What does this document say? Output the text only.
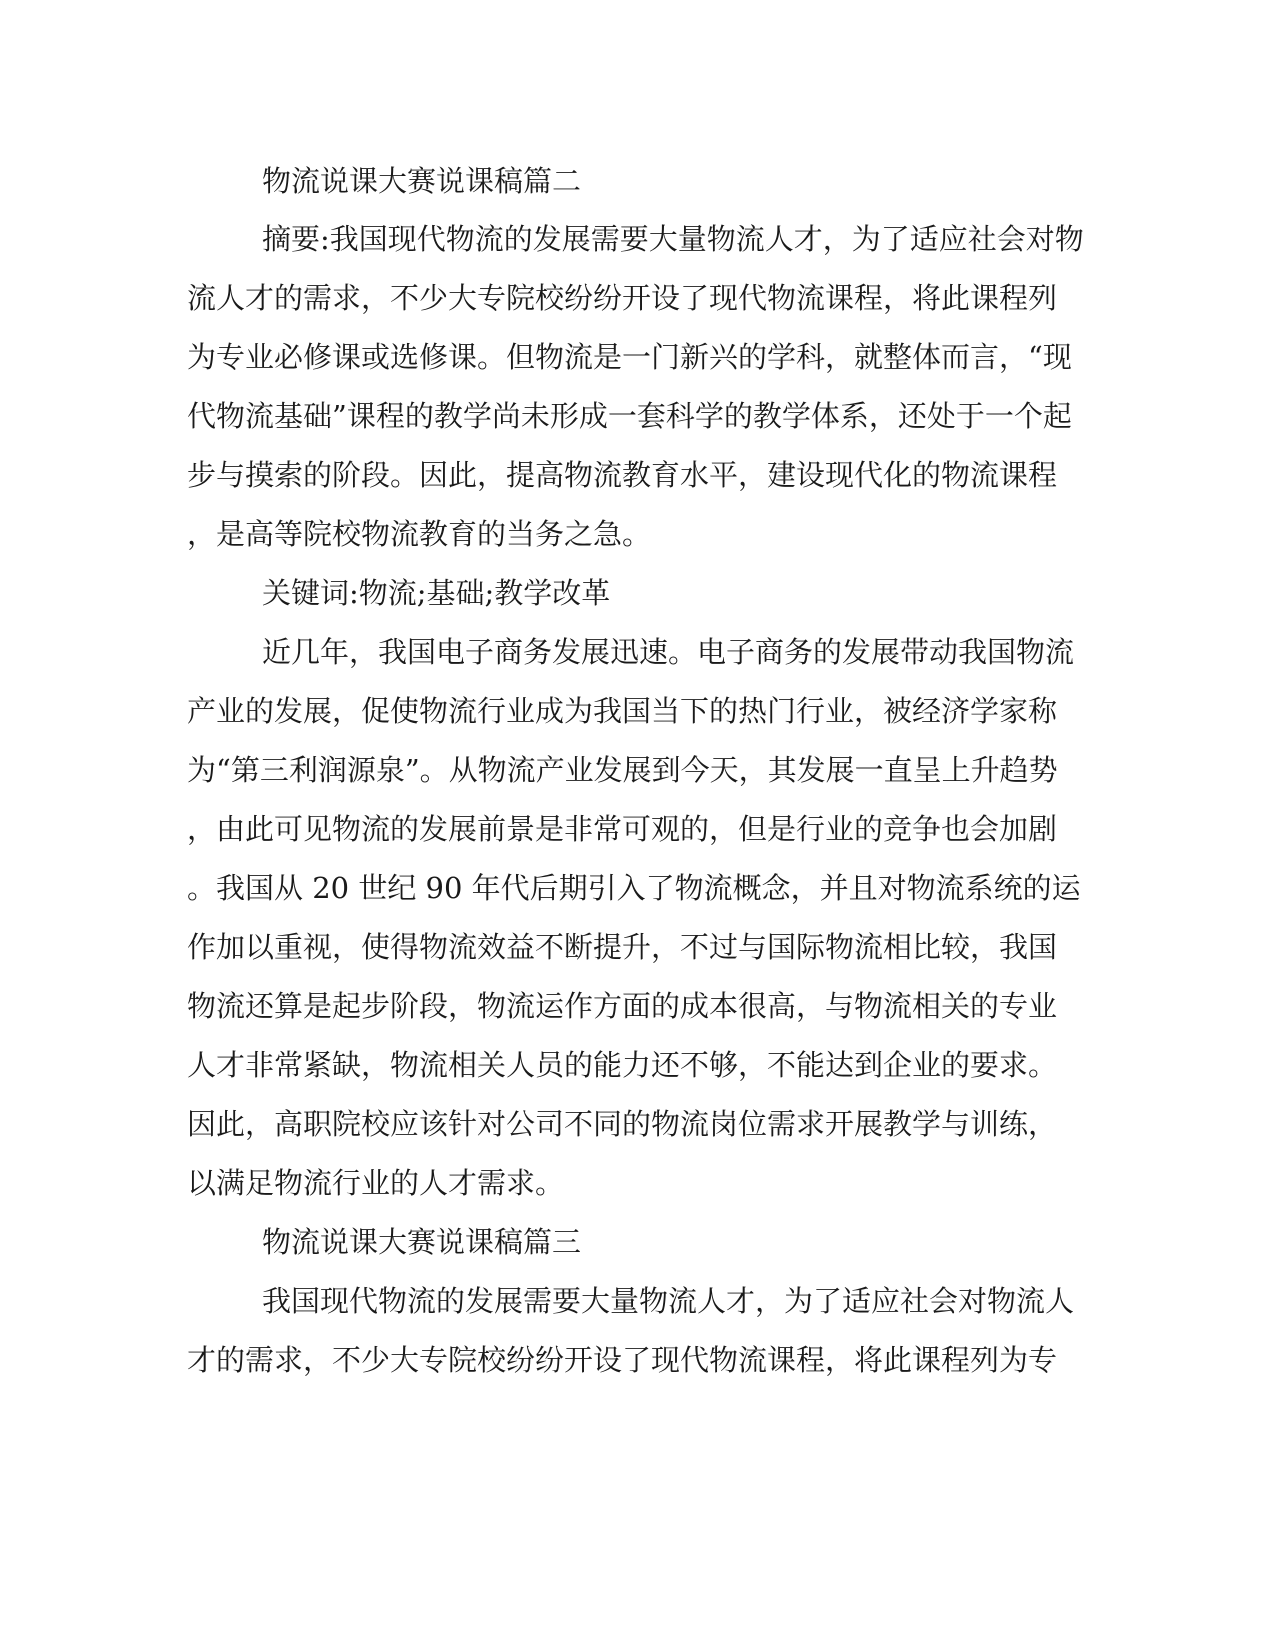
物流说课大赛说课稿篇二
摘要:我国现代物流的发展需要大量物流人才，为了适应社会对物
流人才的需求，不少大专院校纷纷开设了现代物流课程，将此课程列
为专业必修课或选修课。但物流是一门新兴的学科，就整体而言，“现
代物流基础”课程的教学尚未形成一套科学的教学体系，还处于一个起
步与摸索的阶段。因此，提高物流教育水平，建设现代化的物流课程
，是高等院校物流教育的当务之急。
关键词:物流;基础;教学改革
近几年，我国电子商务发展迅速。电子商务的发展带动我国物流
产业的发展，促使物流行业成为我国当下的热门行业，被经济学家称
为“第三利润源泉”。从物流产业发展到今天，其发展一直呈上升趋势
，由此可见物流的发展前景是非常可观的，但是行业的竞争也会加剧
。我国从 20 世纪 90 年代后期引入了物流概念，并且对物流系统的运
作加以重视，使得物流效益不断提升，不过与国际物流相比较，我国
物流还算是起步阶段，物流运作方面的成本很高，与物流相关的专业
人才非常紧缺，物流相关人员的能力还不够，不能达到企业的要求。
因此，高职院校应该针对公司不同的物流岗位需求开展教学与训练，
以满足物流行业的人才需求。
物流说课大赛说课稿篇三
我国现代物流的发展需要大量物流人才，为了适应社会对物流人
才的需求，不少大专院校纷纷开设了现代物流课程，将此课程列为专
